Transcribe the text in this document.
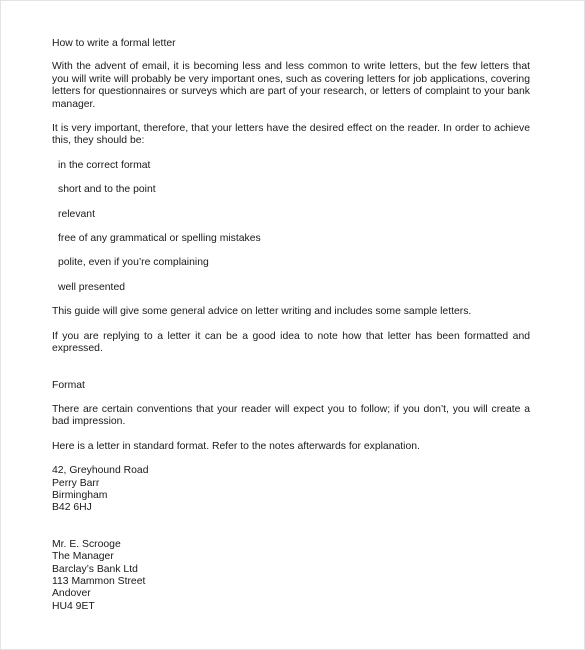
How to write a formal letter

With the advent of email, it is becoming less and less common to write letters, but the few letters that you will write will probably be very important ones, such as covering letters for job applications, covering letters for questionnaires or surveys which are part of your research, or letters of complaint to your bank manager.

It is very important, therefore, that your letters have the desired effect on the reader. In order to achieve this, they should be:

in the correct format
short and to the point
relevant
free of any grammatical or spelling mistakes
polite, even if you’re complaining
well presented

This guide will give some general advice on letter writing and includes some sample letters.

If you are replying to a letter it can be a good idea to note how that letter has been formatted and expressed.

Format

There are certain conventions that your reader will expect you to follow; if you don’t, you will create a bad impression.

Here is a letter in standard format. Refer to the notes afterwards for explanation.

42, Greyhound Road
Perry Barr
Birmingham
B42 6HJ
Mr. E. Scrooge
The Manager
Barclay’s Bank Ltd
113 Mammon Street
Andover
HU4 9ET
